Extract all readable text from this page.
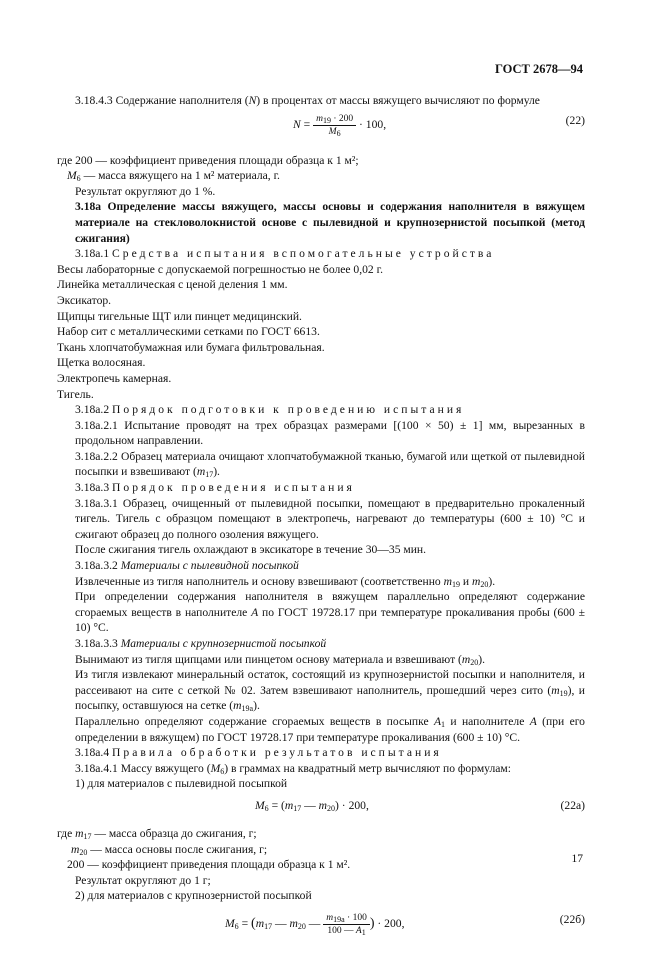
ГОСТ 2678—94

3.18.4.3 Содержание наполнителя (N) в процентах от массы вяжущего вычисляют по формуле

$N = \frac{m_{19} \cdot 200}{M_6} \cdot 100$,	(22)

где 200 — коэффициент приведения площади образца к 1 м²;

$M_6$ — масса вяжущего на 1 м² материала, г.

Результат округляют до 1 %.

3.18а Определение массы вяжущего, массы основы и содержания наполнителя в вяжущем материале на стекловолокнистой основе с пылевидной и крупнозернистой посыпкой (метод сжигания)

3.18а.1 Средства испытания вспомогательные устройства

Весы лабораторные с допускаемой погрешностью не более 0,02 г.

Линейка металлическая с ценой деления 1 мм.

Эксикатор.

Щипцы тигельные ЩТ или пинцет медицинский.

Набор сит с металлическими сетками по ГОСТ 6613.

Ткань хлопчатобумажная или бумага фильтровальная.

Щетка волосяная.

Электропечь камерная.

Тигель.

3.18а.2 Порядок подготовки к проведению испытания

3.18а.2.1 Испытание проводят на трех образцах размерами [(100 × 50) ± 1] мм, вырезанных в продольном направлении.

3.18а.2.2 Образец материала очищают хлопчатобумажной тканью, бумагой или щеткой от пылевидной посыпки и взвешивают $(m_{17})$.

3.18а.3 Порядок проведения испытания

3.18а.3.1 Образец, очищенный от пылевидной посыпки, помещают в предварительно прокаленный тигель. Тигель с образцом помещают в электропечь, нагревают до температуры (600 ± 10) °С и сжигают образец до полного озоления вяжущего.

После сжигания тигель охлаждают в эксикаторе в течение 30—35 мин.

3.18а.3.2 Материалы с пылевидной посыпкой

Извлеченные из тигля наполнитель и основу взвешивают (соответственно $m_{19}$ и $m_{20}$).

При определении содержания наполнителя в вяжущем параллельно определяют содержание сгораемых веществ в наполнителе А по ГОСТ 19728.17 при температуре прокаливания пробы (600 ± 10) °С.

3.18а.3.3 Материалы с крупнозернистой посыпкой

Вынимают из тигля щипцами или пинцетом основу материала и взвешивают $(m_{20})$.

Из тигля извлекают минеральный остаток, состоящий из крупнозернистой посыпки и наполнителя, и рассеивают на сите с сеткой № 02. Затем взвешивают наполнитель, прошедший через сито $(m_{19})$, и посыпку, оставшуюся на сетке $(m_{19а})$.

Параллельно определяют содержание сгораемых веществ в посыпке $A_1$ и наполнителе A (при его определении в вяжущем) по ГОСТ 19728.17 при температуре прокаливания (600 ± 10) °С.

3.18а.4 Правила обработки результатов испытания

3.18а.4.1 Массу вяжущего $(M_6)$ в граммах на квадратный метр вычисляют по формулам:

1) для материалов с пылевидной посыпкой

$M_6 = (m_{17}$ — $m_{20}) \cdot 200$,	(22а)

где $m_{17}$ — масса образца до сжигания, г;

$m_{20}$ — масса основы после сжигания, г;

200 — коэффициент приведения площади образца к 1 м².

Результат округляют до 1 г;

2) для материалов с крупнозернистой посыпкой

$M_6 = (m_{17}$ — $m_{20}$ — $\frac{m_{19а} \cdot 100}{100 — A_1}$ ) · 200,	(22б)
17
